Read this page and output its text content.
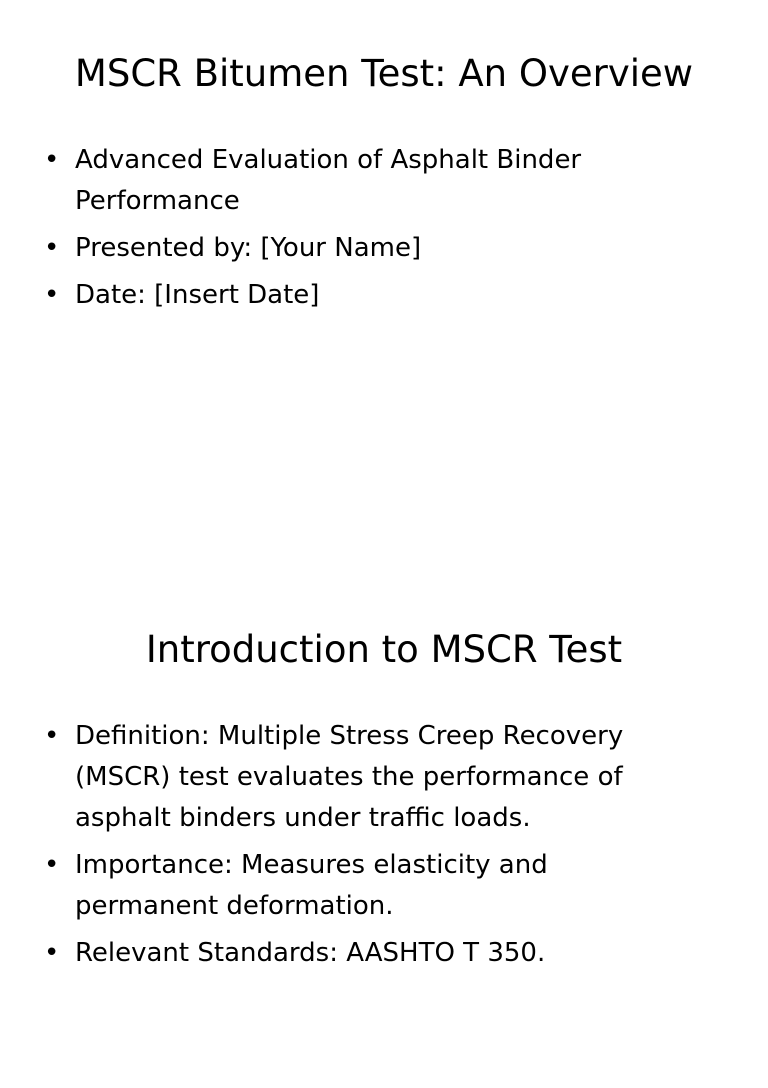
MSCR Bitumen Test: An Overview
• Advanced Evaluation of Asphalt Binder Performance
• Presented by: [Your Name]
• Date: [Insert Date]
Introduction to MSCR Test
• Definition: Multiple Stress Creep Recovery (MSCR) test evaluates the performance of asphalt binders under traffic loads.
• Importance: Measures elasticity and permanent deformation.
• Relevant Standards: AASHTO T 350.
